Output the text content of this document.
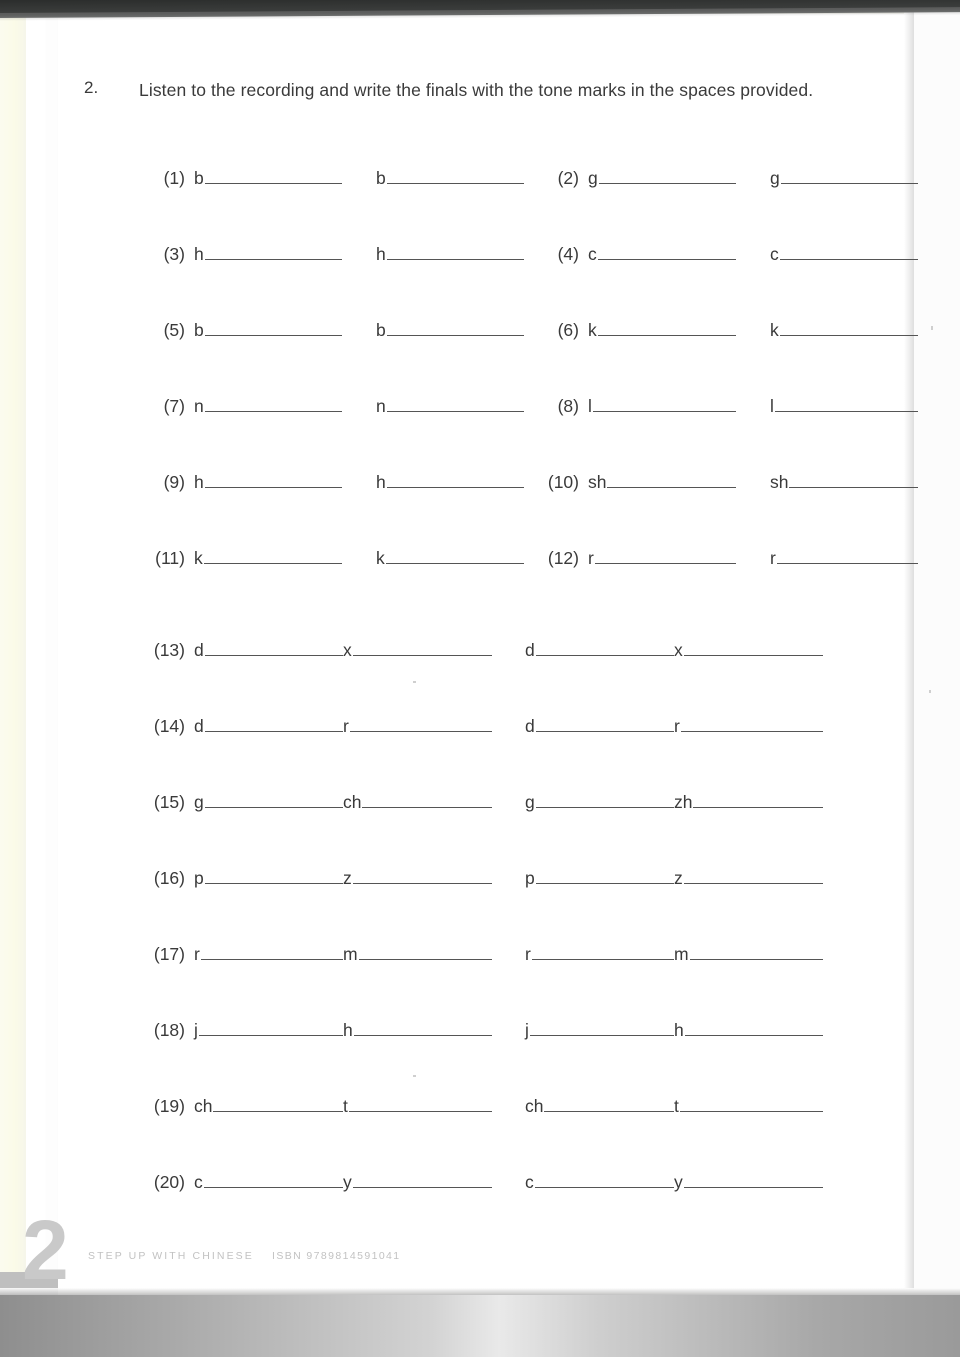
2. Listen to the recording and write the finals with the tone marks in the spaces provided.
(1) b	b	(2) g	g
(3) h	h	(4) c	c
(5) b	b	(6) k	k
(7) n	n	(8) l	l
(9) h	h	(10) sh	sh
(11) k	k	(12) r	r
(13) d	x	d	x
(14) d	r	d	r
(15) g	ch	g	zh
(16) p	z	p	z
(17) r	m	r	m
(18) j	h	j	h
(19) ch	t	ch	t
(20) c	y	c	y
2 STEP UP WITH CHINESE ISBN 9789814591041
